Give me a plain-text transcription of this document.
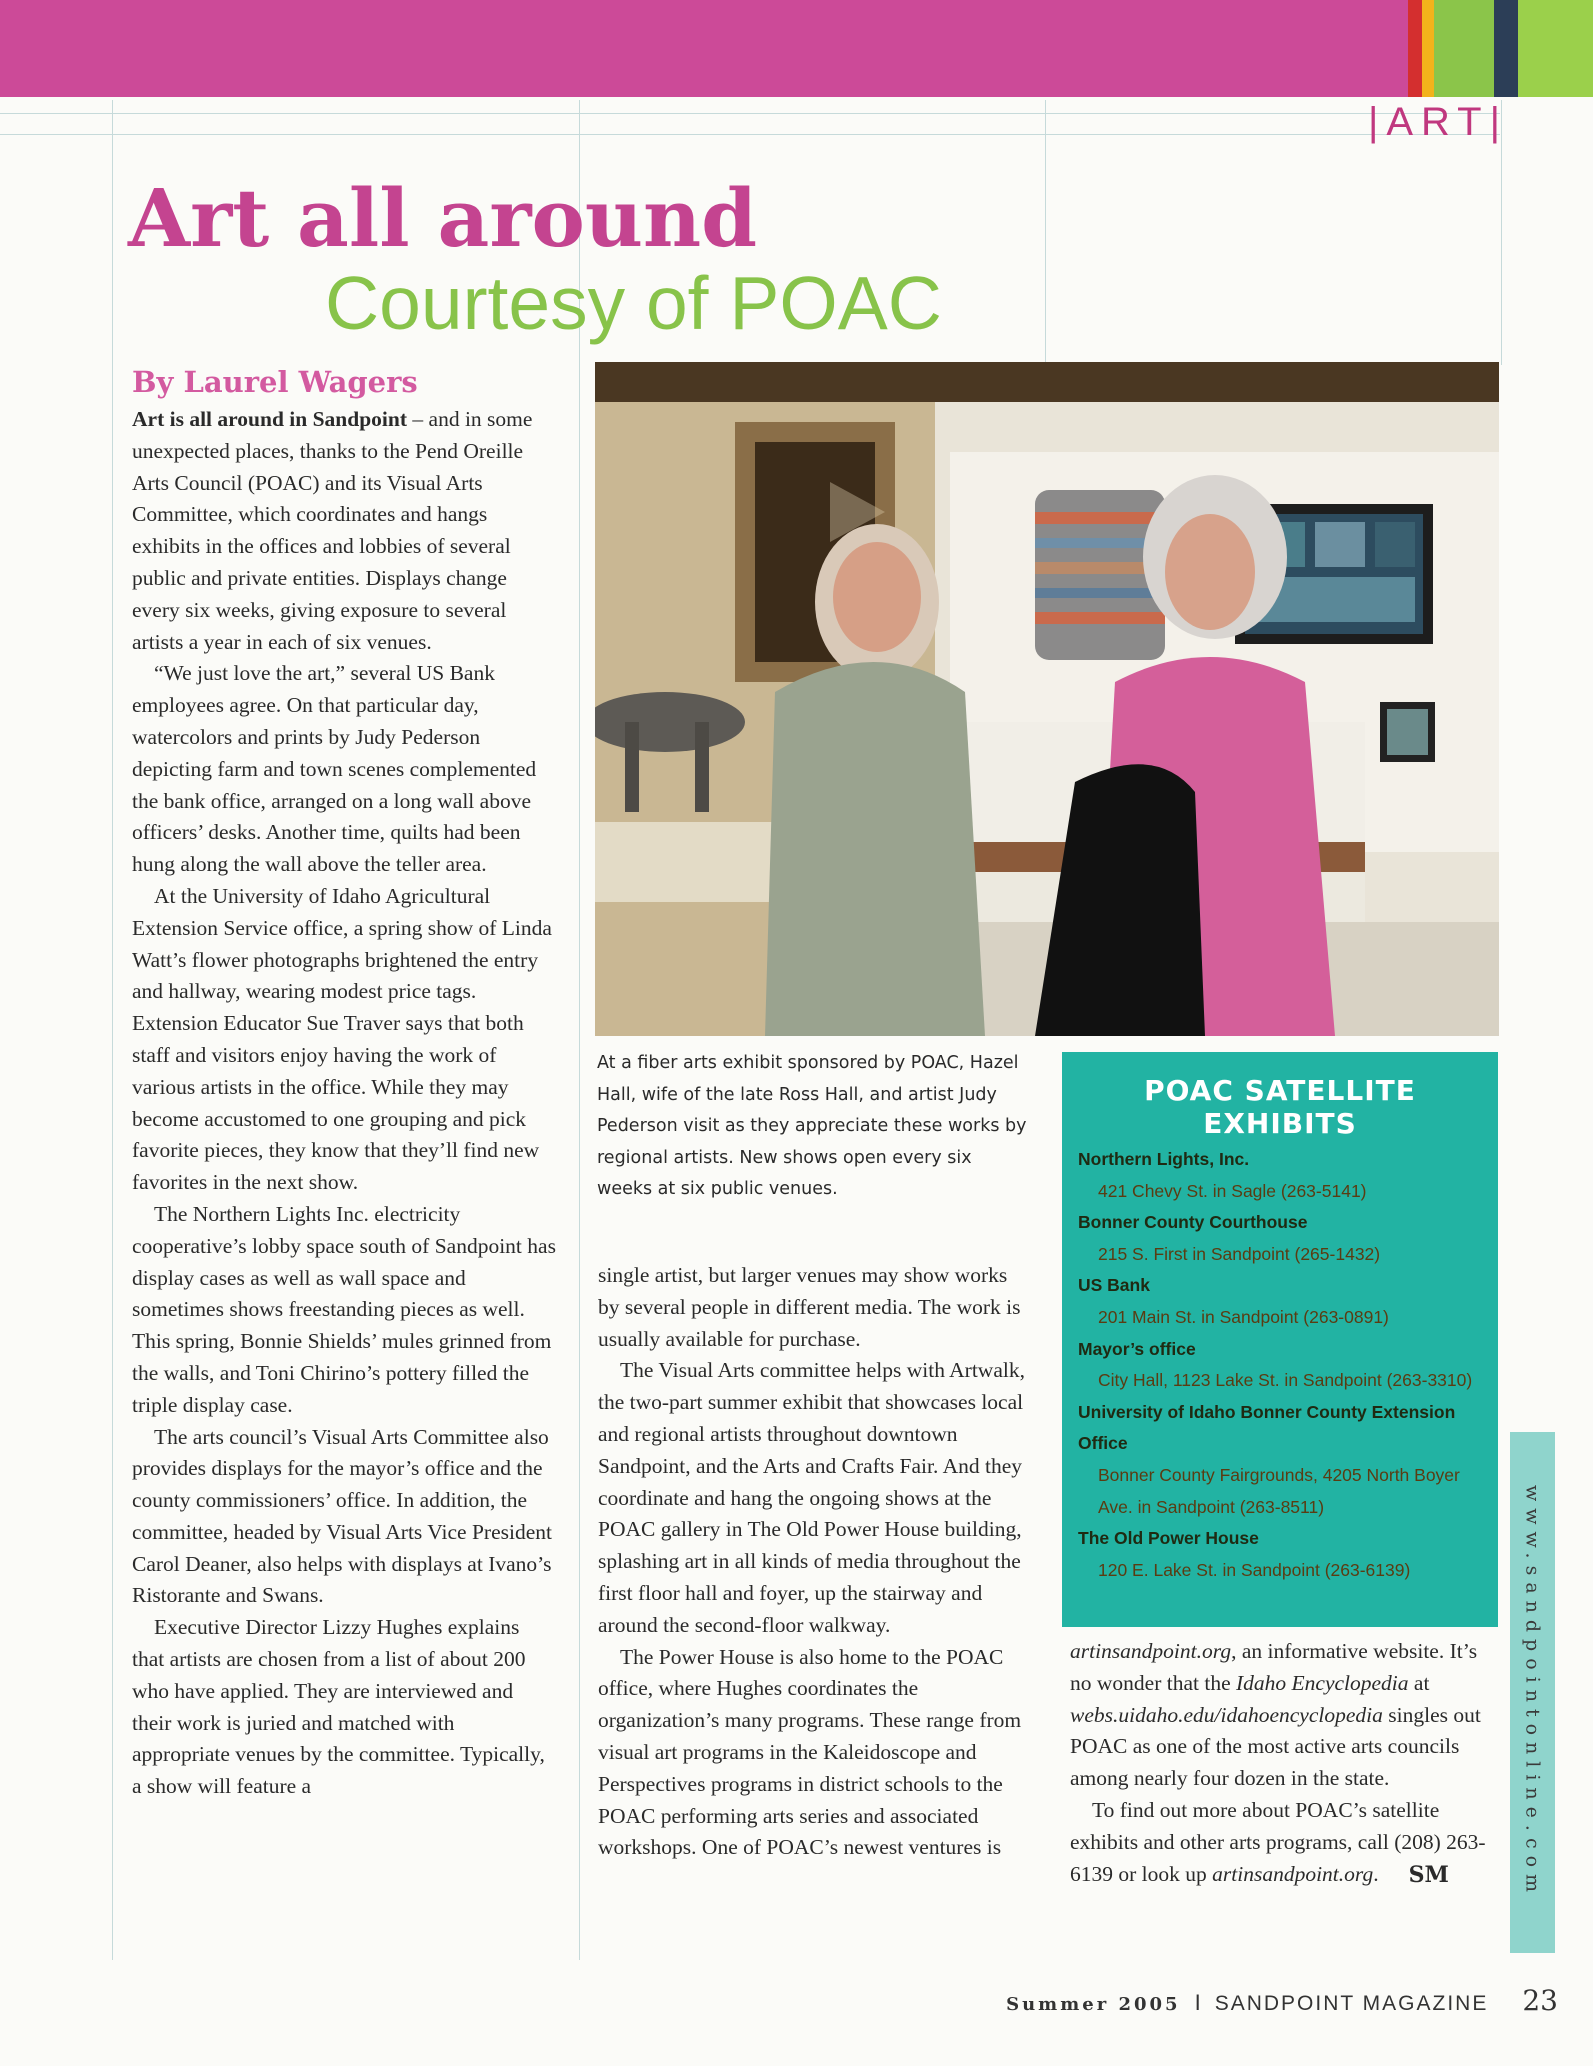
|ART|
Art all around
Courtesy of POAC
By Laurel Wagers

Art is all around in Sandpoint – and in some unexpected places, thanks to the Pend Oreille Arts Council (POAC) and its Visual Arts Committee, which coordinates and hangs exhibits in the offices and lobbies of several public and private entities. Displays change every six weeks, giving exposure to several artists a year in each of six venues.

“We just love the art,” several US Bank employees agree. On that particular day, watercolors and prints by Judy Pederson depicting farm and town scenes complemented the bank office, arranged on a long wall above officers’ desks. Another time, quilts had been hung along the wall above the teller area.

At the University of Idaho Agricultural Extension Service office, a spring show of Linda Watt’s flower photographs brightened the entry and hallway, wearing modest price tags. Extension Educator Sue Traver says that both staff and visitors enjoy having the work of various artists in the office. While they may become accustomed to one grouping and pick favorite pieces, they know that they’ll find new favorites in the next show.

The Northern Lights Inc. electricity cooperative’s lobby space south of Sandpoint has display cases as well as wall space and sometimes shows freestanding pieces as well. This spring, Bonnie Shields’ mules grinned from the walls, and Toni Chirino’s pottery filled the triple display case.

The arts council’s Visual Arts Committee also provides displays for the mayor’s office and the county commissioners’ office. In addition, the committee, headed by Visual Arts Vice President Carol Deaner, also helps with displays at Ivano’s Ristorante and Swans.

Executive Director Lizzy Hughes explains that artists are chosen from a list of about 200 who have applied. They are interviewed and their work is juried and matched with appropriate venues by the committee. Typically, a show will feature a

At a fiber arts exhibit sponsored by POAC, Hazel Hall, wife of the late Ross Hall, and artist Judy Pederson visit as they appreciate these works by regional artists. New shows open every six weeks at six public venues.

single artist, but larger venues may show works by several people in different media. The work is usually available for purchase.

The Visual Arts committee helps with Artwalk, the two-part summer exhibit that showcases local and regional artists throughout downtown Sandpoint, and the Arts and Crafts Fair. And they coordinate and hang the ongoing shows at the POAC gallery in The Old Power House building, splashing art in all kinds of media throughout the first floor hall and foyer, up the stairway and around the second-floor walkway.

The Power House is also home to the POAC office, where Hughes coordinates the organization’s many programs. These range from visual art programs in the Kaleidoscope and Perspectives programs in district schools to the POAC performing arts series and associated workshops. One of POAC’s newest ventures is

POAC SATELLITE EXHIBITS
Northern Lights, Inc.
421 Chevy St. in Sagle (263-5141)
Bonner County Courthouse
215 S. First in Sandpoint (265-1432)
US Bank
201 Main St. in Sandpoint (263-0891)
Mayor’s office
City Hall, 1123 Lake St. in Sandpoint (263-3310)
University of Idaho Bonner County Extension Office
Bonner County Fairgrounds, 4205 North Boyer Ave. in Sandpoint (263-8511)
The Old Power House
120 E. Lake St. in Sandpoint (263-6139)

artinsandpoint.org, an informative website. It’s no wonder that the Idaho Encyclopedia at webs.uidaho.edu/idahoencyclopedia singles out POAC as one of the most active arts councils among nearly four dozen in the state.

To find out more about POAC’s satellite exhibits and other arts programs, call (208) 263-6139 or look up artinsandpoint.org. SM	www.sandpointonline.com
Summer 2005 I SANDPOINT MAGAZINE 23
